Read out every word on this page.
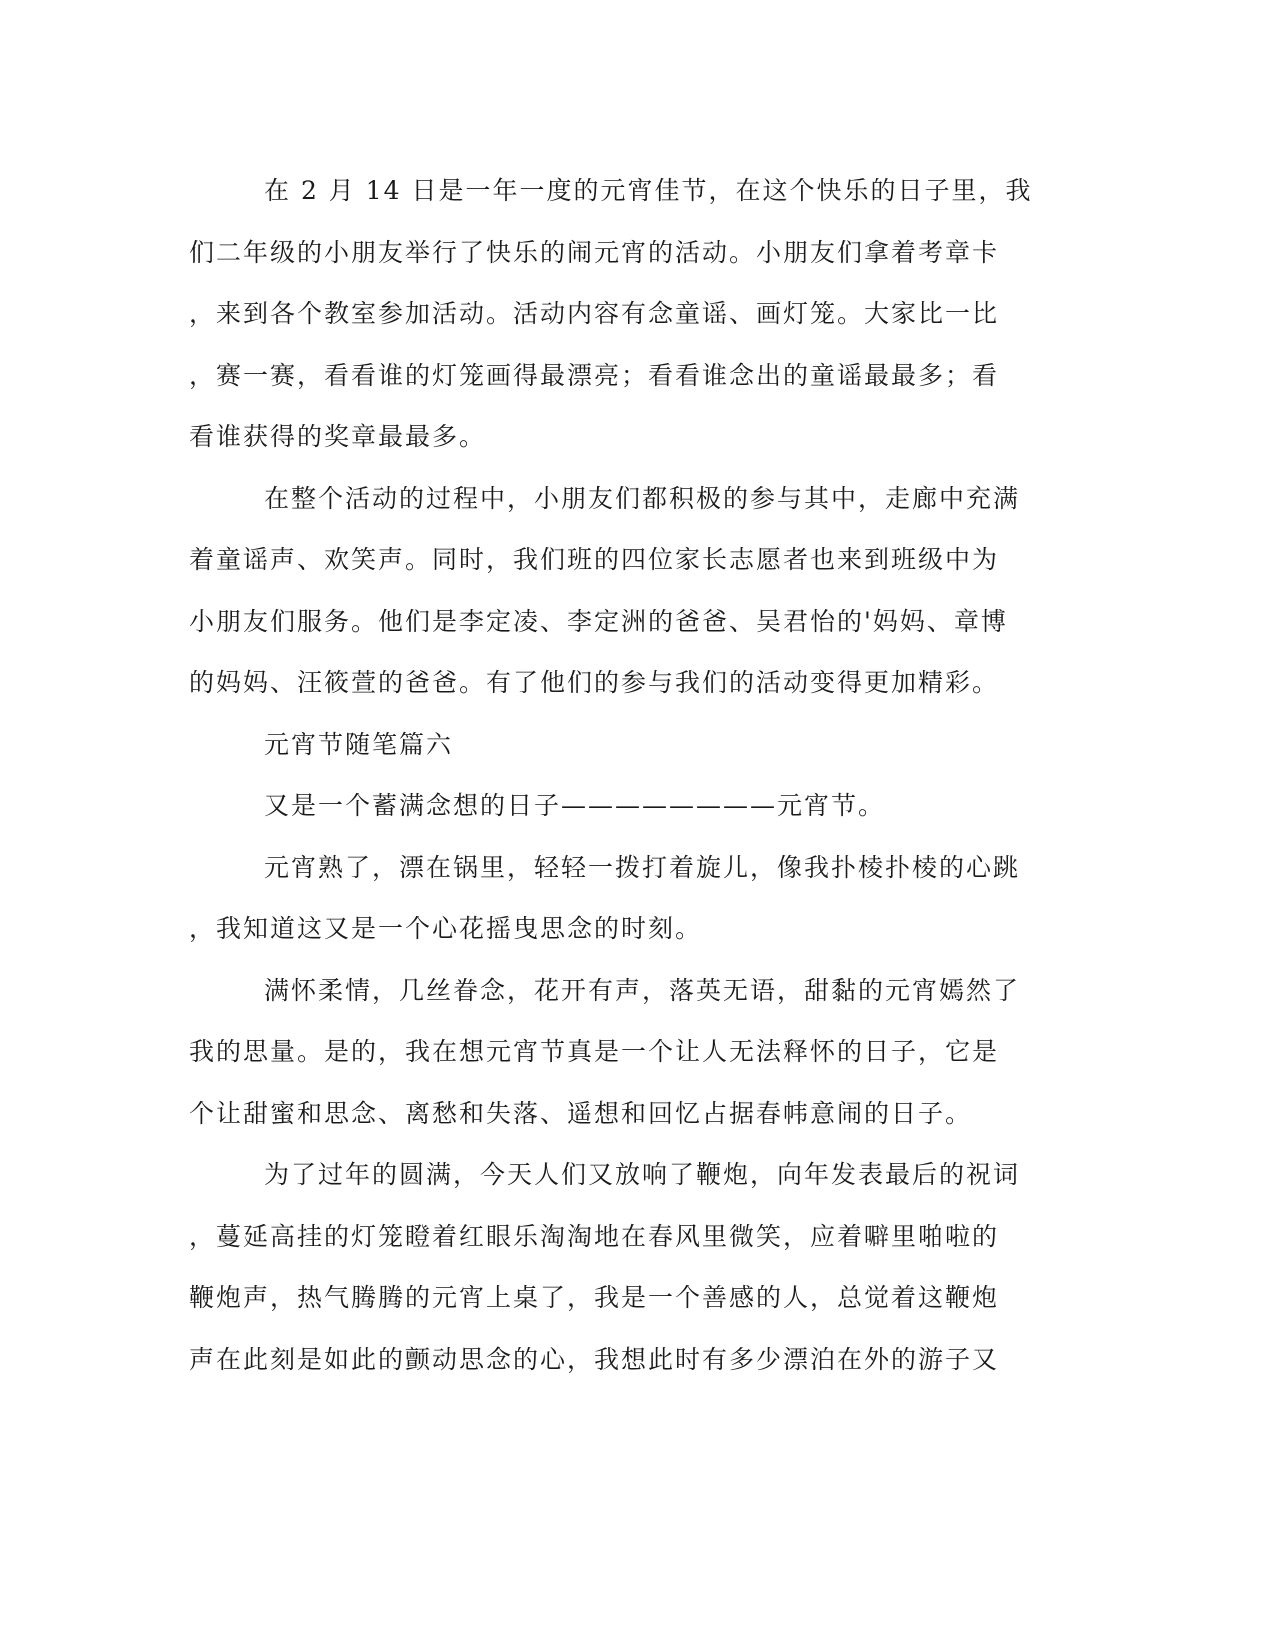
在 2 月 14 日是一年一度的元宵佳节，在这个快乐的日子里，我
们二年级的小朋友举行了快乐的闹元宵的活动。小朋友们拿着考章卡
，来到各个教室参加活动。活动内容有念童谣、画灯笼。大家比一比
，赛一赛，看看谁的灯笼画得最漂亮；看看谁念出的童谣最最多；看
看谁获得的奖章最最多。
在整个活动的过程中，小朋友们都积极的参与其中，走廊中充满
着童谣声、欢笑声。同时，我们班的四位家长志愿者也来到班级中为
小朋友们服务。他们是李定凌、李定洲的爸爸、吴君怡的'妈妈、章博
的妈妈、汪筱萱的爸爸。有了他们的参与我们的活动变得更加精彩。
元宵节随笔篇六
又是一个蓄满念想的日子————————元宵节。
元宵熟了，漂在锅里，轻轻一拨打着旋儿，像我扑棱扑棱的心跳
，我知道这又是一个心花摇曳思念的时刻。
满怀柔情，几丝眷念，花开有声，落英无语，甜黏的元宵嫣然了
我的思量。是的，我在想元宵节真是一个让人无法释怀的日子，它是
个让甜蜜和思念、离愁和失落、遥想和回忆占据春帏意闹的日子。
为了过年的圆满，今天人们又放响了鞭炮，向年发表最后的祝词
，蔓延高挂的灯笼瞪着红眼乐淘淘地在春风里微笑，应着噼里啪啦的
鞭炮声，热气腾腾的元宵上桌了，我是一个善感的人，总觉着这鞭炮
声在此刻是如此的颤动思念的心，我想此时有多少漂泊在外的游子又
